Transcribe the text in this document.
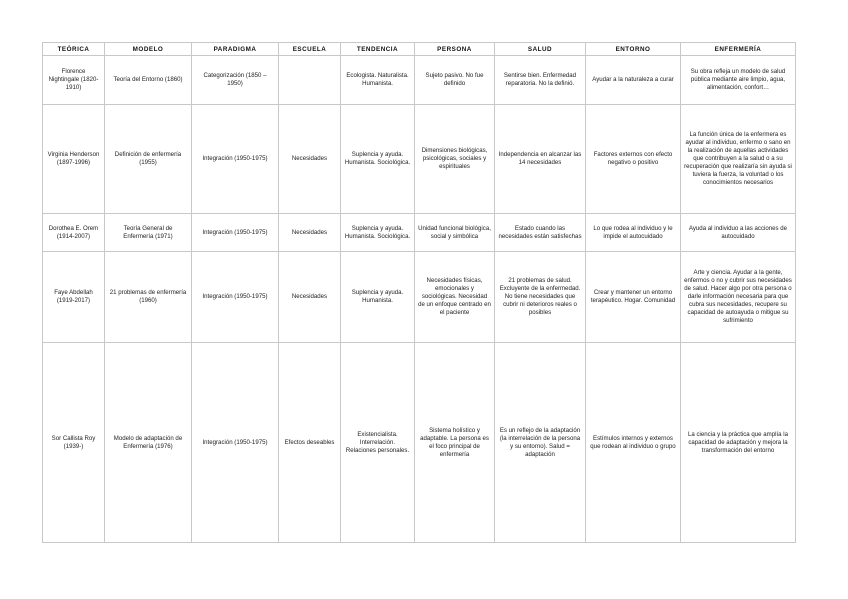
TEÓRICA	MODELO	PARADIGMA	ESCUELA	TENDENCIA	PERSONA	SALUD	ENTORNO	ENFERMERÍA
Florence Nightingale (1820-1910)	Teoría del Entorno (1860)	Categorización (1850 – 1950)		Ecologista. Naturalista. Humanista.	Sujeto pasivo. No fue definido	Sentirse bien. Enfermedad reparatoria. No la definió.	Ayudar a la naturaleza a curar	Su obra refleja un modelo de salud pública mediante aire limpio, agua, alimentación, confort…
Virginia Henderson (1897-1996)	Definición de enfermería (1955)	Integración (1950-1975)	Necesidades	Suplencia y ayuda. Humanista. Sociológica.	Dimensiones biológicas, psicológicas, sociales y espirituales	Independencia en alcanzar las 14 necesidades	Factores externos con efecto negativo o positivo	La función única de la enfermera es ayudar al individuo, enfermo o sano en la realización de aquellas actividades que contribuyen a la salud o a su recuperación que realizaría sin ayuda si tuviera la fuerza, la voluntad o los conocimientos necesarios
Dorothea E. Orem (1914-2007)	Teoría General de Enfermería (1971)	Integración (1950-1975)	Necesidades	Suplencia y ayuda. Humanista. Sociológica.	Unidad funcional biológica, social y simbólica	Estado cuando las necesidades están satisfechas	Lo que rodea al individuo y le impide el autocuidado	Ayuda al individuo a las acciones de autocuidado
Faye Abdellah (1919-2017)	21 problemas de enfermería (1960)	Integración (1950-1975)	Necesidades	Suplencia y ayuda. Humanista.	Necesidades físicas, emocionales y sociológicas. Necesidad de un enfoque centrado en el paciente	21 problemas de salud. Excluyente de la enfermedad. No tiene necesidades que cubrir ni deterioros reales o posibles	Crear y mantener un entorno terapéutico. Hogar. Comunidad	Arte y ciencia. Ayudar a la gente, enfermos o no y cubrir sus necesidades de salud. Hacer algo por otra persona o darle información necesaria para que cubra sus necesidades, recupere su capacidad de autoayuda o mitigue su sufrimiento
Sor Callista Roy (1939-)	Modelo de adaptación de Enfermería (1976)	Integración (1950-1975)	Efectos deseables	Existencialista. Interrelación. Relaciones personales.	Sistema holístico y adaptable. La persona es el foco principal de enfermería	Es un reflejo de la adaptación (la interrelación de la persona y su entorno). Salud = adaptación	Estímulos internos y externos que rodean al individuo o grupo	La ciencia y la práctica que amplía la capacidad de adaptación y mejora la transformación del entorno
